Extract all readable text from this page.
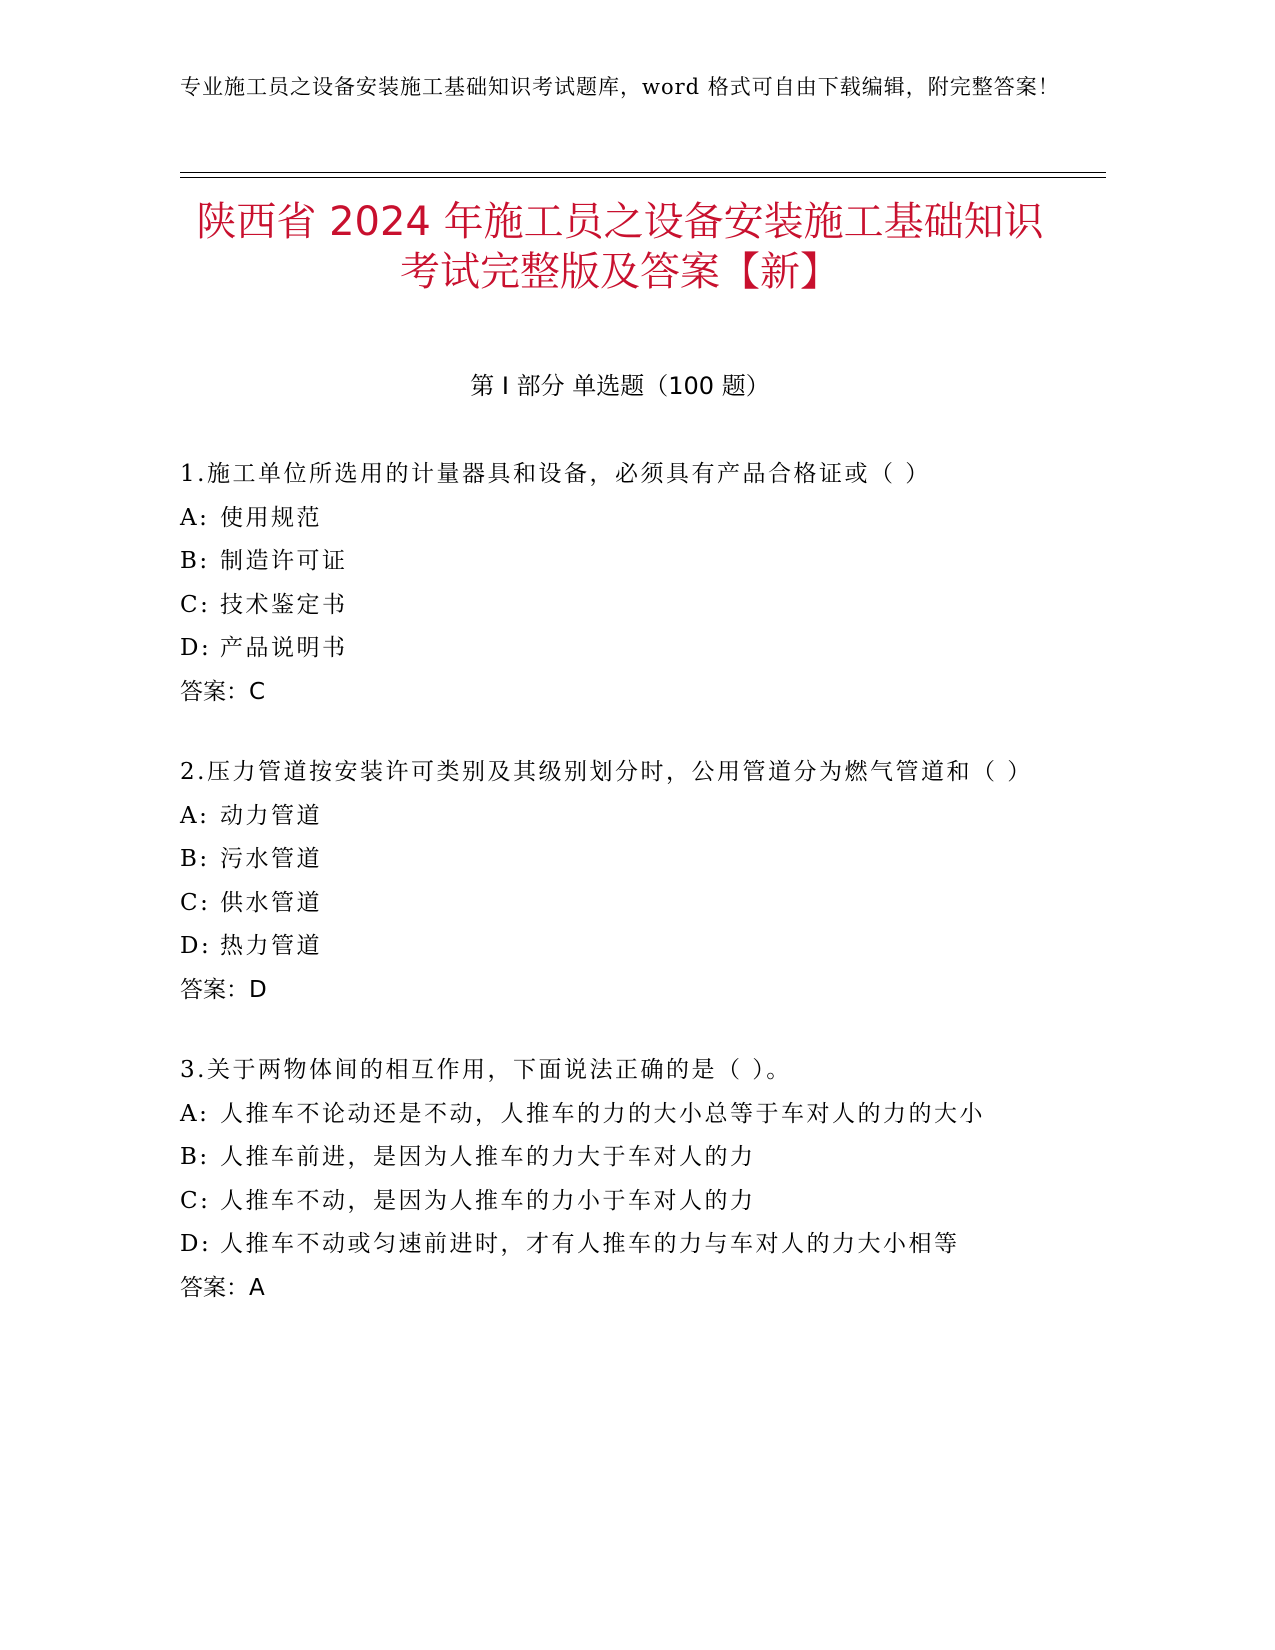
专业施工员之设备安装施工基础知识考试题库，word 格式可自由下载编辑，附完整答案！
陕西省 2024 年施工员之设备安装施工基础知识考试完整版及答案【新】
第 I 部分 单选题（100 题）

1.施工单位所选用的计量器具和设备，必须具有产品合格证或（ ）

A: 使用规范

B: 制造许可证

C: 技术鉴定书

D: 产品说明书

答案：C

2.压力管道按安装许可类别及其级别划分时，公用管道分为燃气管道和（ ）

A: 动力管道

B: 污水管道

C: 供水管道

D: 热力管道

答案：D

3.关于两物体间的相互作用，下面说法正确的是（ ）。

A: 人推车不论动还是不动，人推车的力的大小总等于车对人的力的大小

B: 人推车前进，是因为人推车的力大于车对人的力

C: 人推车不动，是因为人推车的力小于车对人的力

D: 人推车不动或匀速前进时，才有人推车的力与车对人的力大小相等

答案：A
